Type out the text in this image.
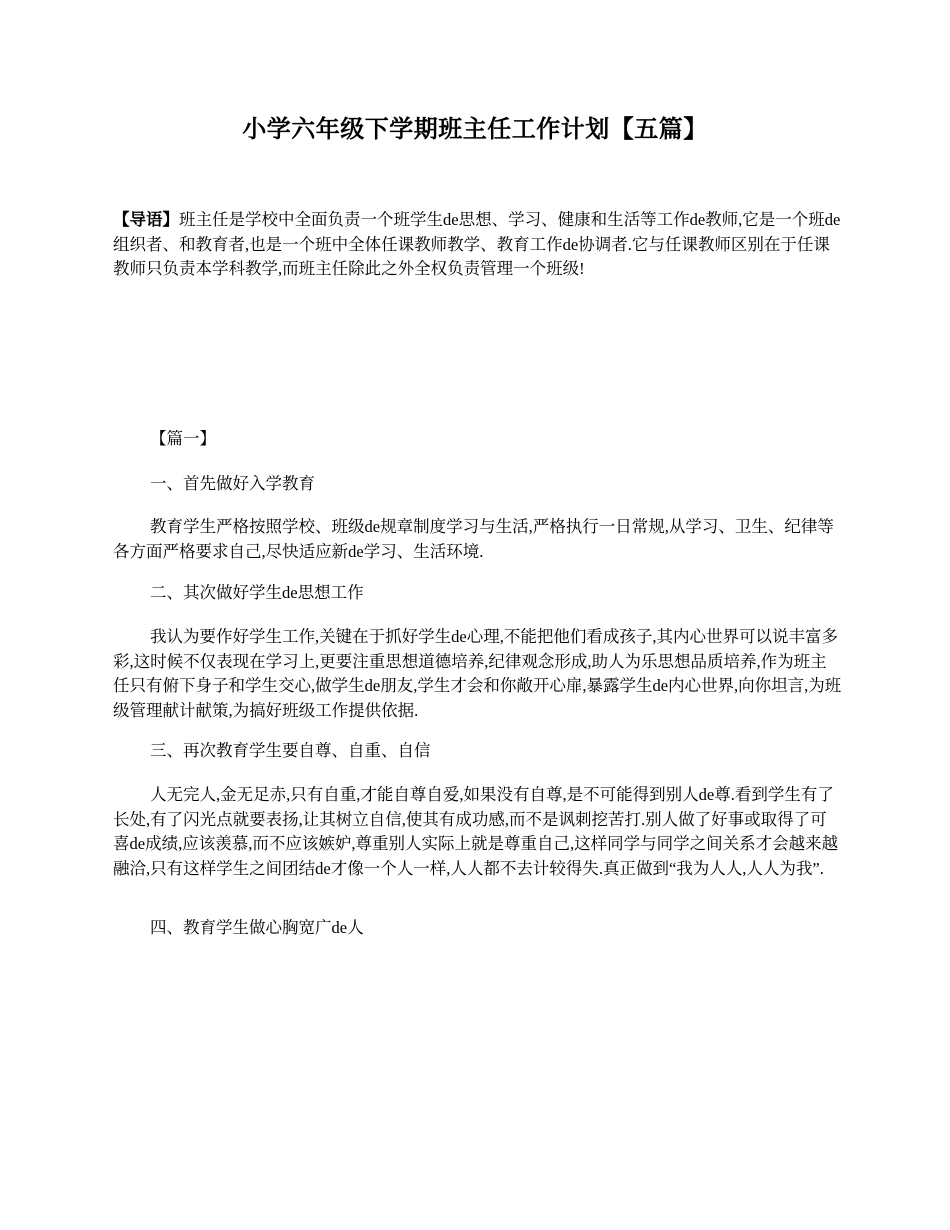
小学六年级下学期班主任工作计划【五篇】

【导语】班主任是学校中全面负责一个班学生de思想、学习、健康和生活等工作de教师,它是一个班de组织者、和教育者,也是一个班中全体任课教师教学、教育工作de协调者.它与任课教师区别在于任课教师只负责本学科教学,而班主任除此之外全权负责管理一个班级!

【篇一】

一、首先做好入学教育

教育学生严格按照学校、班级de规章制度学习与生活,严格执行一日常规,从学习、卫生、纪律等各方面严格要求自己,尽快适应新de学习、生活环境.

二、其次做好学生de思想工作

我认为要作好学生工作,关键在于抓好学生de心理,不能把他们看成孩子,其内心世界可以说丰富多彩,这时候不仅表现在学习上,更要注重思想道德培养,纪律观念形成,助人为乐思想品质培养,作为班主任只有俯下身子和学生交心,做学生de朋友,学生才会和你敞开心扉,暴露学生de内心世界,向你坦言,为班级管理献计献策,为搞好班级工作提供依据.

三、再次教育学生要自尊、自重、自信

人无完人,金无足赤,只有自重,才能自尊自爱,如果没有自尊,是不可能得到别人de尊.看到学生有了长处,有了闪光点就要表扬,让其树立自信,使其有成功感,而不是讽刺挖苦打.别人做了好事或取得了可喜de成绩,应该羡慕,而不应该嫉妒,尊重别人实际上就是尊重自己,这样同学与同学之间关系才会越来越融洽,只有这样学生之间团结de才像一个人一样,人人都不去计较得失.真正做到“我为人人,人人为我”.

四、教育学生做心胸宽广de人
